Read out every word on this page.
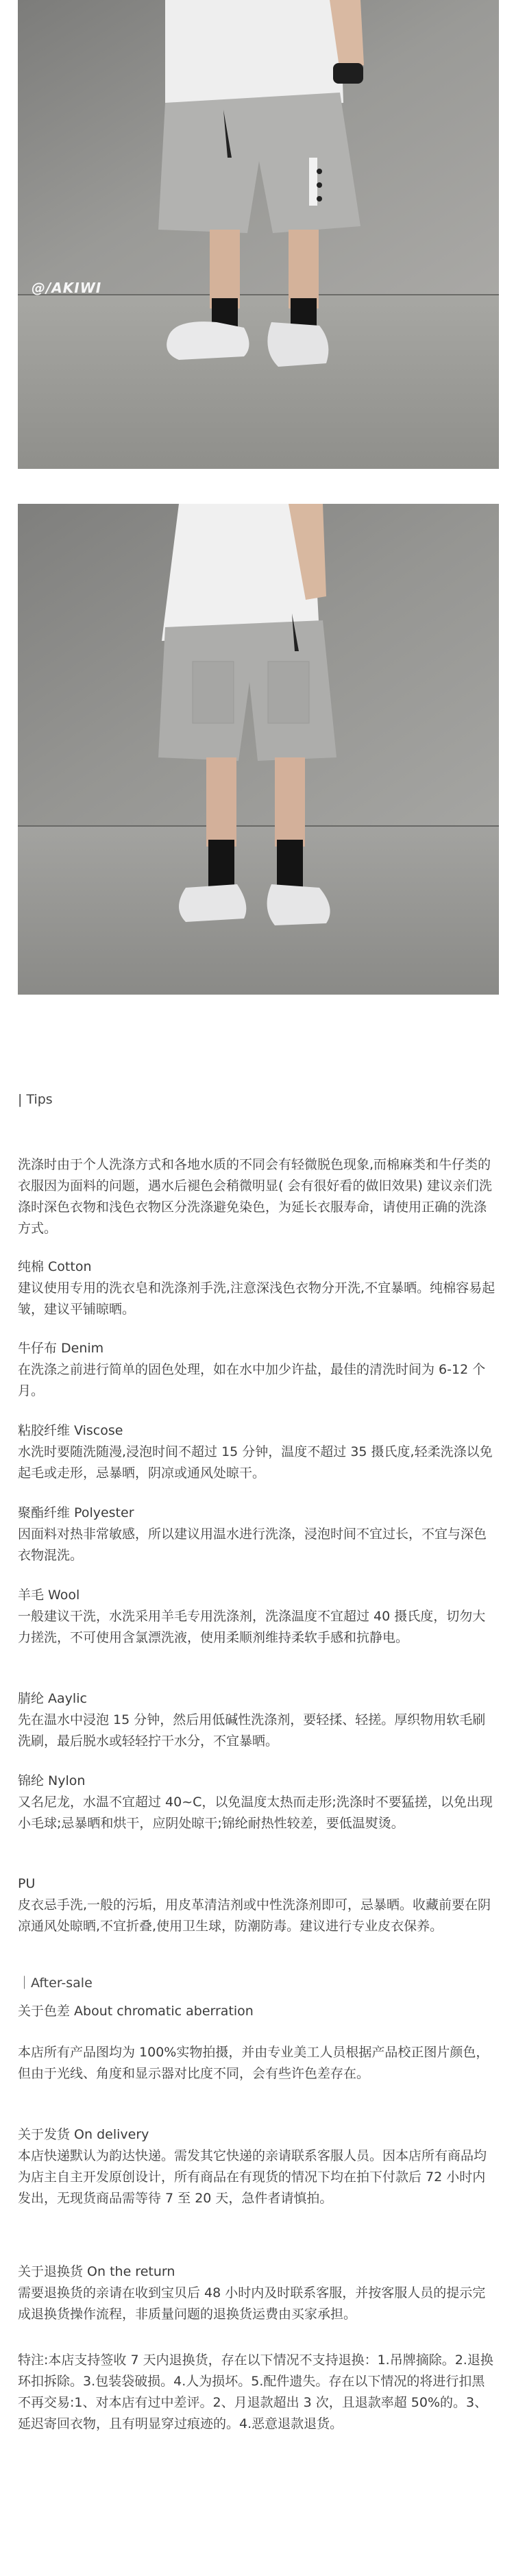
@/AKIWI

| Tips

洗涤时由于个人洗涤方式和各地水质的不同会有轻微脱色现象,而棉麻类和牛仔类的衣服因为面料的问题，遇水后褪色会稍微明显( 会有很好看的做旧效果) 建议亲们洗涤时深色衣物和浅色衣物区分洗涤避免染色，为延长衣服寿命，请使用正确的洗涤方式。

纯棉 Cotton

建议使用专用的洗衣皂和洗涤剂手洗,注意深浅色衣物分开洗,不宜暴晒。纯棉容易起皱，建议平铺晾晒。

牛仔布 Denim

在洗涤之前进行简单的固色处理，如在水中加少许盐，最佳的清洗时间为 6-12 个月。

粘胶纤维 Viscose

水洗时要随洗随漫,浸泡时间不超过 15 分钟，温度不超过 35 摄氏度,轻柔洗涤以免起毛或走形，忌暴晒，阴凉或通风处晾干。

聚酯纤维 Polyester

因面料对热非常敏感，所以建议用温水进行洗涤，浸泡时间不宜过长，不宜与深色衣物混洗。

羊毛 Wool

一般建议干洗，水洗采用羊毛专用洗涤剂，洗涤温度不宜超过 40 摄氏度，切勿大力搓洗，不可使用含氯漂洗液，使用柔顺剂维持柔软手感和抗静电。

腈纶 Aaylic

先在温水中浸泡 15 分钟，然后用低碱性洗涤剂，要轻揉、轻搓。厚织物用软毛刷洗刷，最后脱水或轻轻拧干水分，不宜暴晒。

锦纶 Nylon

又名尼龙，水温不宜超过 40~C，以免温度太热而走形;洗涤时不要猛搓，以免出现小毛球;忌暴晒和烘干，应阴处晾干;锦纶耐热性较差，要低温熨烫。

PU

皮衣忌手洗,一般的污垢，用皮革清洁剂或中性洗涤剂即可，忌暴晒。收藏前要在阴凉通风处晾晒,不宜折叠,使用卫生球，防潮防毒。建议进行专业皮衣保养。

｜After-sale

关于色差 About chromatic aberration

本店所有产品图均为 100%实物拍摄，并由专业美工人员根据产品校正图片颜色，但由于光线、角度和显示器对比度不同，会有些许色差存在。

关于发货 On delivery

本店快递默认为韵达快递。需发其它快递的亲请联系客服人员。因本店所有商品均为店主自主开发原创设计，所有商品在有现货的情况下均在拍下付款后 72 小时内发出，无现货商品需等待 7 至 20 天，急件者请慎拍。

关于退换货 On the return

需要退换货的亲请在收到宝贝后 48 小时内及时联系客服，并按客服人员的提示完成退换货操作流程，非质量问题的退换货运费由买家承担。

特注:本店支持签收 7 天内退换货，存在以下情况不支持退换：1.吊牌摘除。2.退换环扣拆除。3.包装袋破损。4.人为损坏。5.配件遗失。存在以下情况的将进行扣黑不再交易:1、对本店有过中差评。2、月退款超出 3 次，且退款率超 50%的。3、延迟寄回衣物，且有明显穿过痕迹的。4.恶意退款退货。
